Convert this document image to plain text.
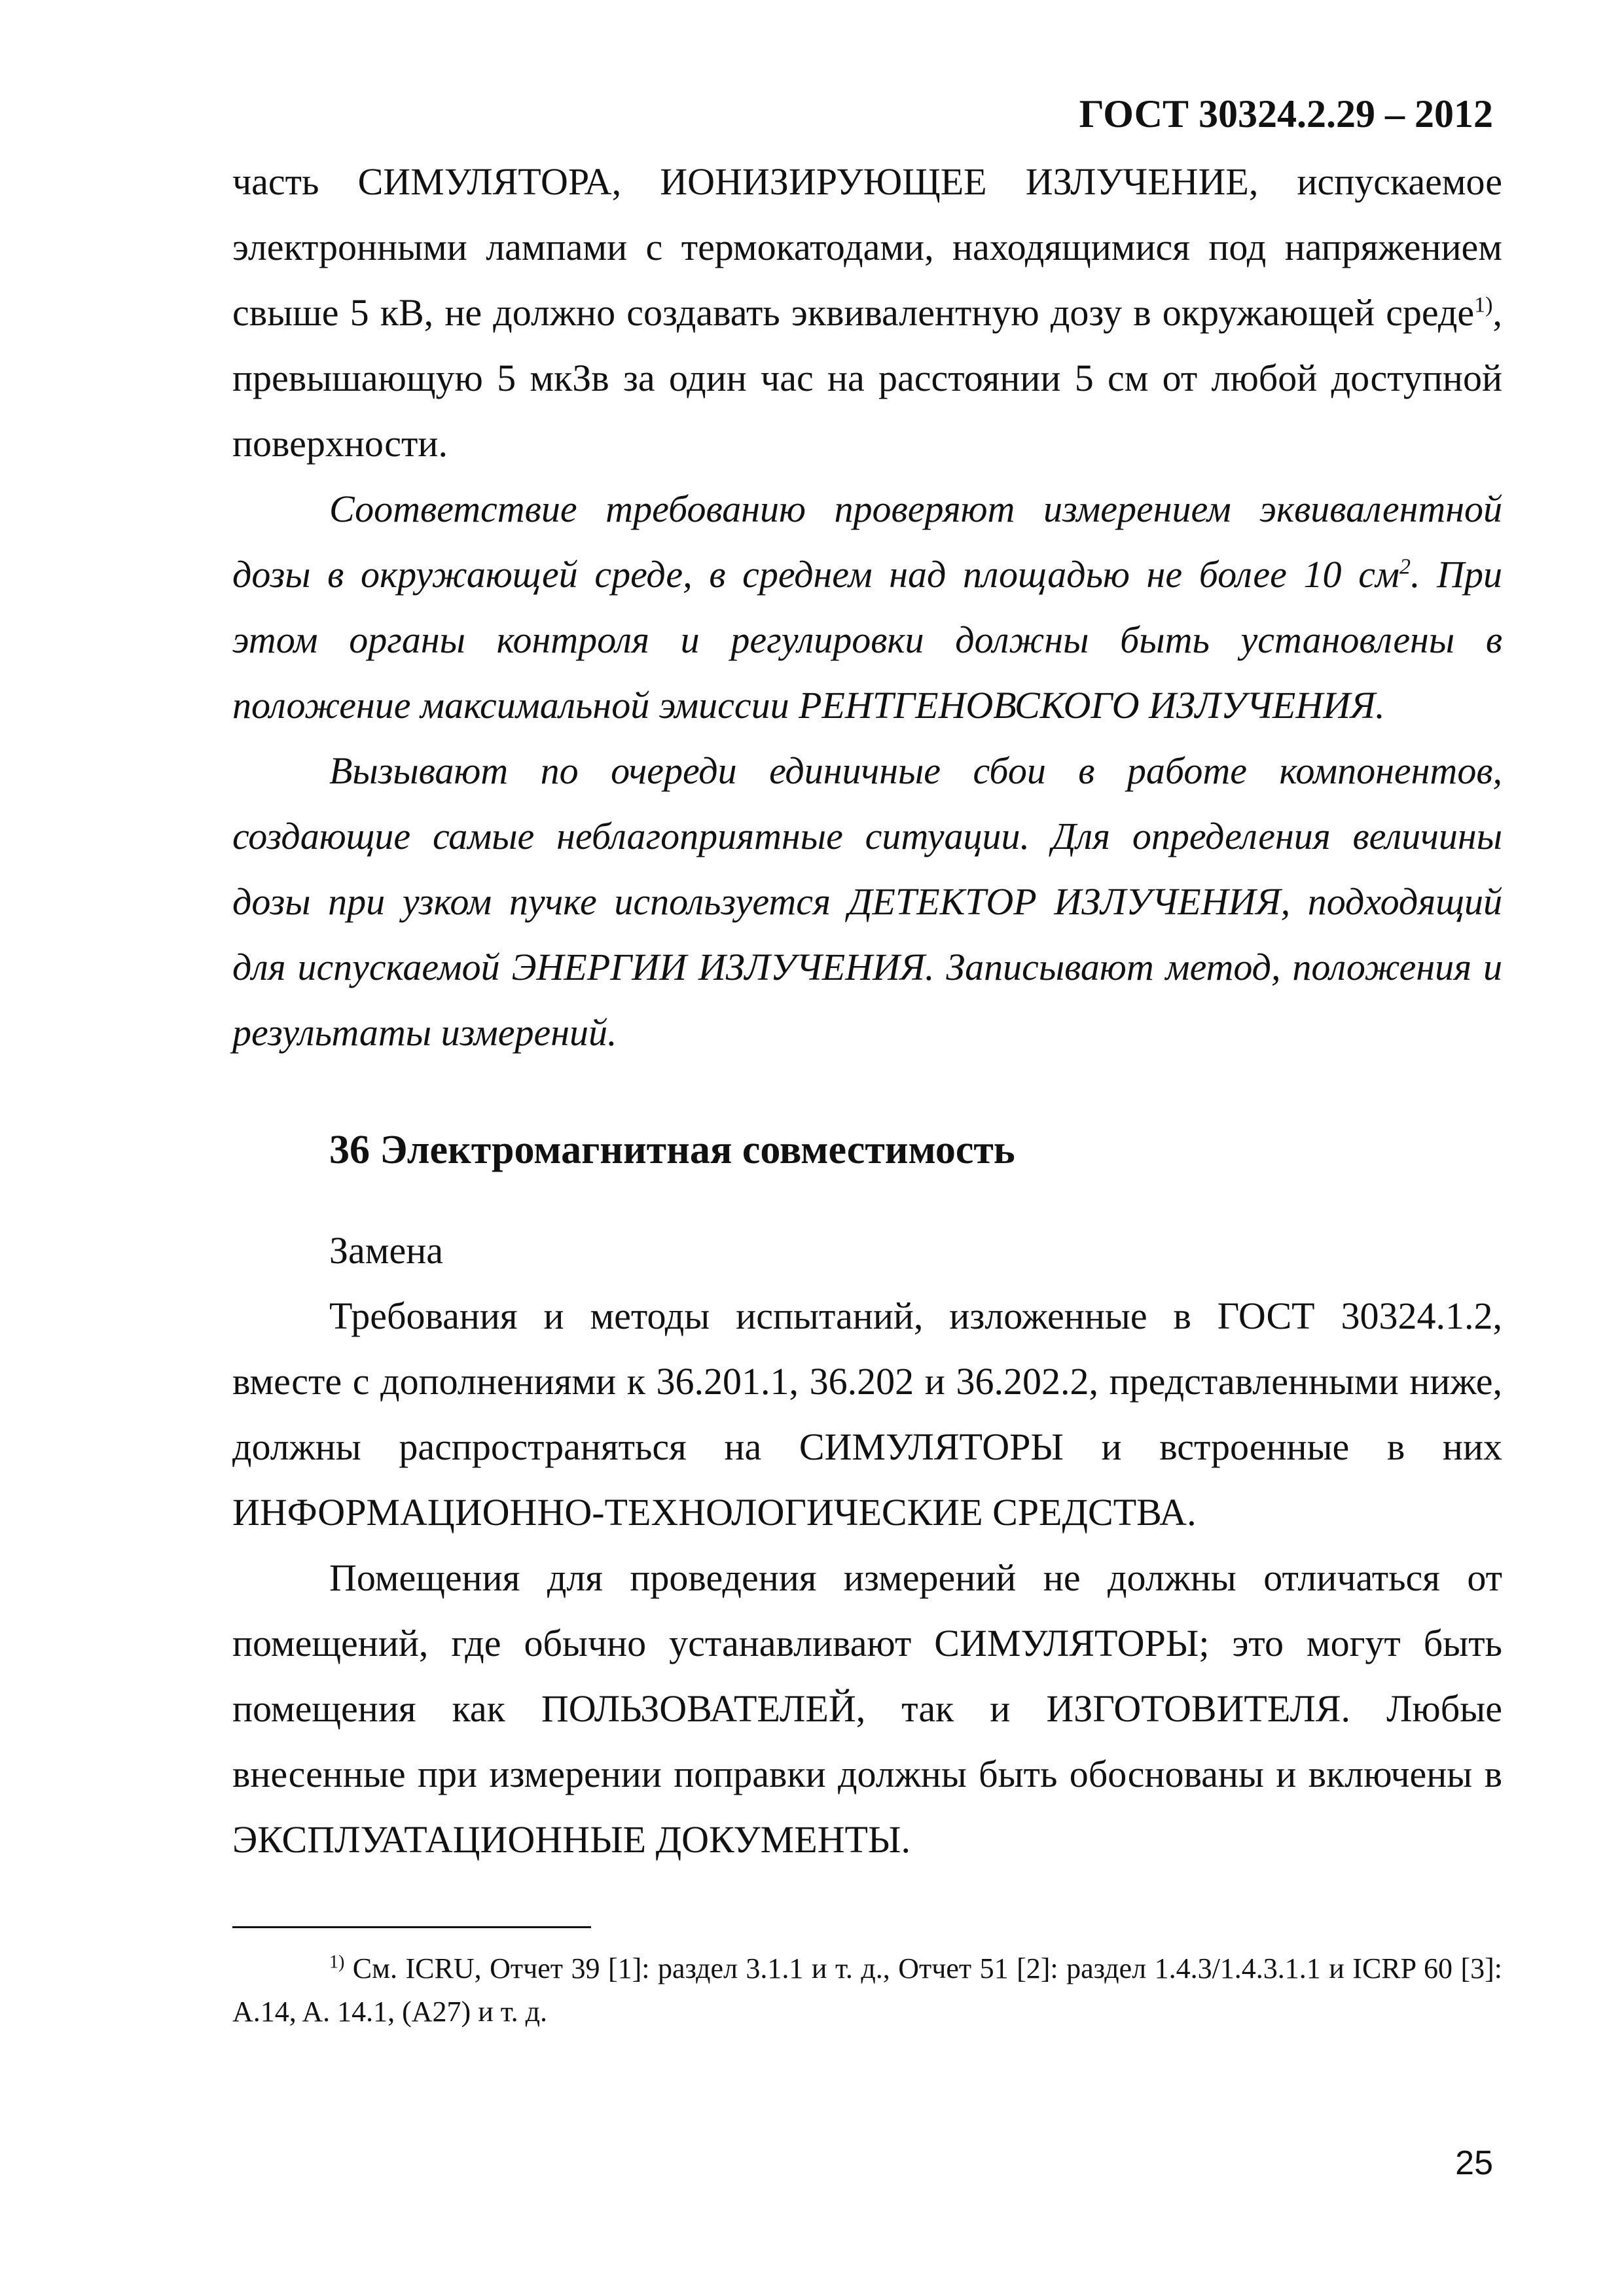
ГОСТ 30324.2.29 – 2012

часть СИМУЛЯТОРА, ИОНИЗИРУЮЩЕЕ ИЗЛУЧЕНИЕ, испускаемое электронными лампами с термокатодами, находящимися под напряжением свыше 5 кВ, не должно создавать эквивалентную дозу в окружающей среде$^{1)}$, превышающую 5 мкЗв за один час на расстоянии 5 см от любой доступной поверхности.

Соответствие требованию проверяют измерением эквивалентной дозы в окружающей среде, в среднем над площадью не более 10 $см^2$. При этом органы контроля и регулировки должны быть установлены в положение максимальной эмиссии РЕНТГЕНОВСКОГО ИЗЛУЧЕНИЯ.

Вызывают по очереди единичные сбои в работе компонентов, создающие самые неблагоприятные ситуации. Для определения величины дозы при узком пучке используется ДЕТЕКТОР ИЗЛУЧЕНИЯ, подходящий для испускаемой ЭНЕРГИИ ИЗЛУЧЕНИЯ. Записывают метод, положения и результаты измерений.

36 Электромагнитная совместимость

Замена

Требования и методы испытаний, изложенные в ГОСТ 30324.1.2, вместе с дополнениями к 36.201.1, 36.202 и 36.202.2, представленными ниже, должны распространяться на СИМУЛЯТОРЫ и встроенные в них ИНФОРМАЦИОННО-ТЕХНОЛОГИЧЕСКИЕ СРЕДСТВА.

Помещения для проведения измерений не должны отличаться от помещений, где обычно устанавливают СИМУЛЯТОРЫ; это могут быть помещения как ПОЛЬЗОВАТЕЛЕЙ, так и ИЗГОТОВИТЕЛЯ. Любые внесенные при измерении поправки должны быть обоснованы и включены в ЭКСПЛУАТАЦИОННЫЕ ДОКУМЕНТЫ.

$^{1)}$ См. ICRU, Отчет 39 [1]: раздел 3.1.1 и т. д., Отчет 51 [2]: раздел 1.4.3/1.4.3.1.1 и ICRP 60 [3]: A.14, A. 14.1, (A27) и т. д.
25
